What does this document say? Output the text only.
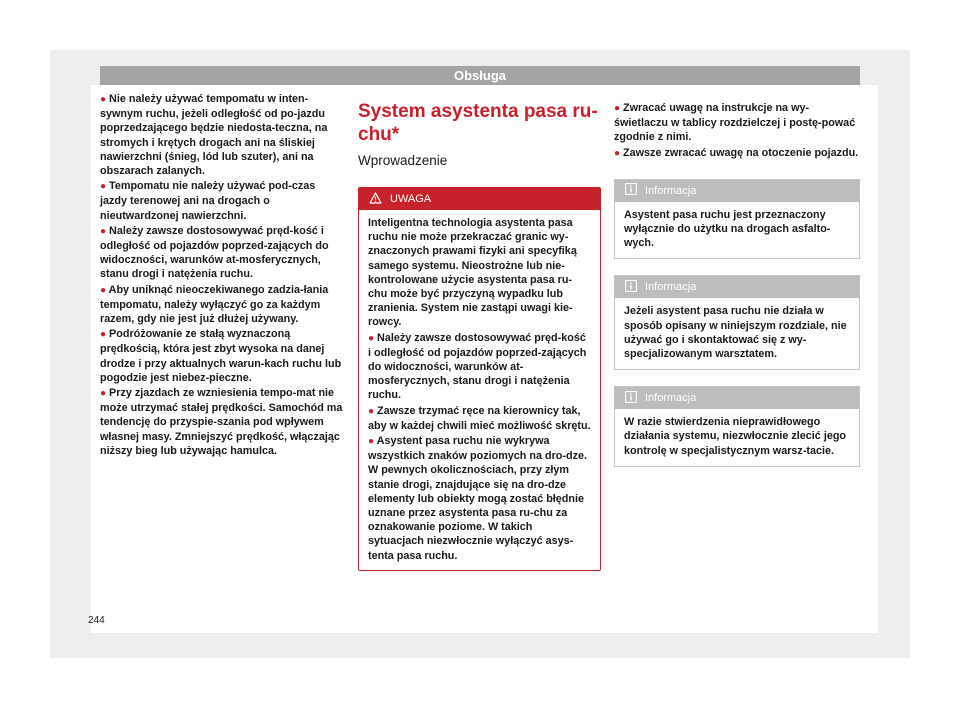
Obsługa
244
● Nie należy używać tempomatu w inten-sywnym ruchu, jeżeli odległość od po-jazdu poprzedzającego będzie niedosta-teczna, na stromych i krętych drogach ani na śliskiej nawierzchni (śnieg, lód lub szuter), ani na obszarach zalanych.
● Tempomatu nie należy używać pod-czas jazdy terenowej ani na drogach o nieutwardzonej nawierzchni.
● Należy zawsze dostosowywać pręd-kość i odległość od pojazdów poprzed-zających do widoczności, warunków at-mosferycznych, stanu drogi i natężenia ruchu.
● Aby uniknąć nieoczekiwanego zadzia-łania tempomatu, należy wyłączyć go za każdym razem, gdy nie jest już dłużej używany.
● Podróżowanie ze stałą wyznaczoną prędkością, która jest zbyt wysoka na danej drodze i przy aktualnych warun-kach ruchu lub pogodzie jest niebez-pieczne.
● Przy zjazdach ze wzniesienia tempo-mat nie może utrzymać stałej prędkości. Samochód ma tendencję do przyspie-szania pod wpływem własnej masy. Zmniejszyć prędkość, włączając niższy bieg lub używając hamulca.
System asystenta pasa ru-
chu*

Wprowadzenie

UWAGA

Inteligentna technologia asystenta pasa ruchu nie może przekraczać granic wy-znaczonych prawami fizyki ani specyfiką samego systemu. Nieostrożne lub nie-kontrolowane użycie asystenta pasa ru-chu może być przyczyną wypadku lub zranienia. System nie zastąpi uwagi kie-rowcy.

● Należy zawsze dostosowywać pręd-kość i odległość od pojazdów poprzed-zających do widoczności, warunków at-mosferycznych, stanu drogi i natężenia ruchu.
● Zawsze trzymać ręce na kierownicy tak, aby w każdej chwili mieć możliwość skrętu.
● Asystent pasa ruchu nie wykrywa wszystkich znaków poziomych na dro-dze. W pewnych okolicznościach, przy złym stanie drogi, znajdujące się na dro-dze elementy lub obiekty mogą zostać błędnie uznane przez asystenta pasa ru-chu za oznakowanie poziome. W takich sytuacjach niezwłocznie wyłączyć asys-tenta pasa ruchu.
● Zwracać uwagę na instrukcje na wy-świetlaczu w tablicy rozdzielczej i postę-pować zgodnie z nimi.
● Zawsze zwracać uwagę na otoczenie pojazdu.
Informacja

Asystent pasa ruchu jest przeznaczony wyłącznie do użytku na drogach asfalto-wych.

Informacja

Jeżeli asystent pasa ruchu nie działa w sposób opisany w niniejszym rozdziale, nie używać go i skontaktować się z wy-specjalizowanym warsztatem.

Informacja

W razie stwierdzenia nieprawidłowego działania systemu, niezwłocznie zlecić jego kontrolę w specjalistycznym warsz-tacie.
